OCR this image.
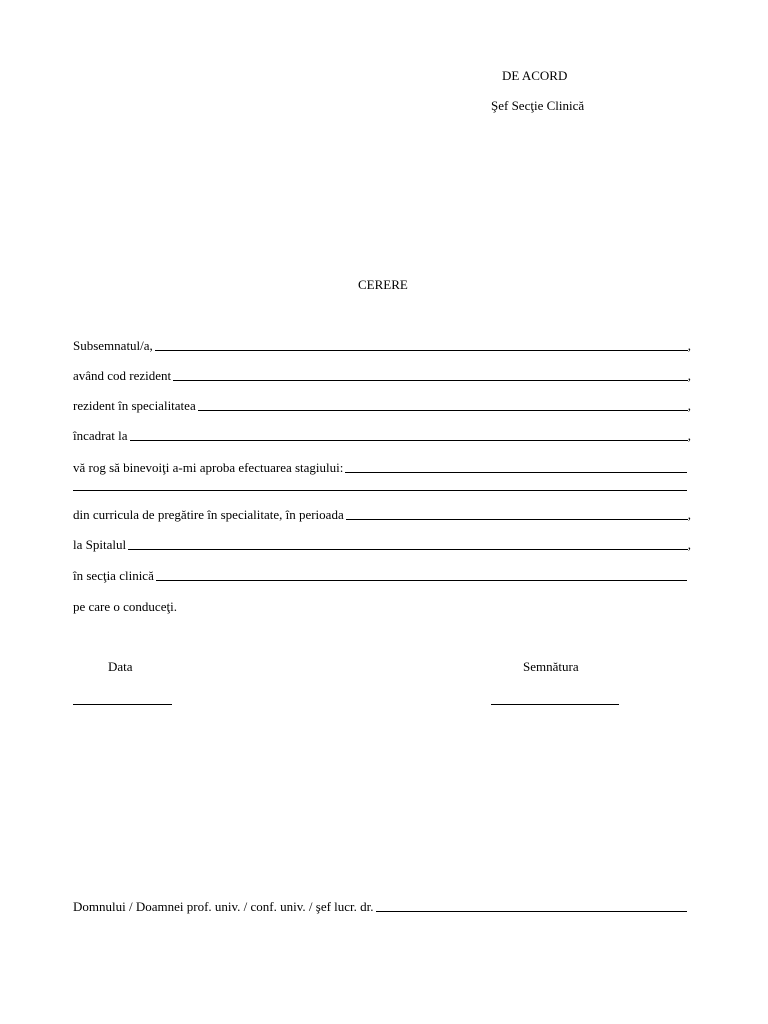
DE ACORD
Şef Secţie Clinică
CERERE
Subsemnatul/a,	,
având cod rezident	,
rezident în specialitatea	,
încadrat la	,
vă rog să binevoiţi a-mi aproba efectuarea stagiului:
din curricula de pregătire în specialitate, în perioada	,
la Spitalul	,
în secţia clinică
pe care o conduceţi.
Data	Semnătura
Domnului / Doamnei prof. univ. / conf. univ. / şef lucr. dr.
